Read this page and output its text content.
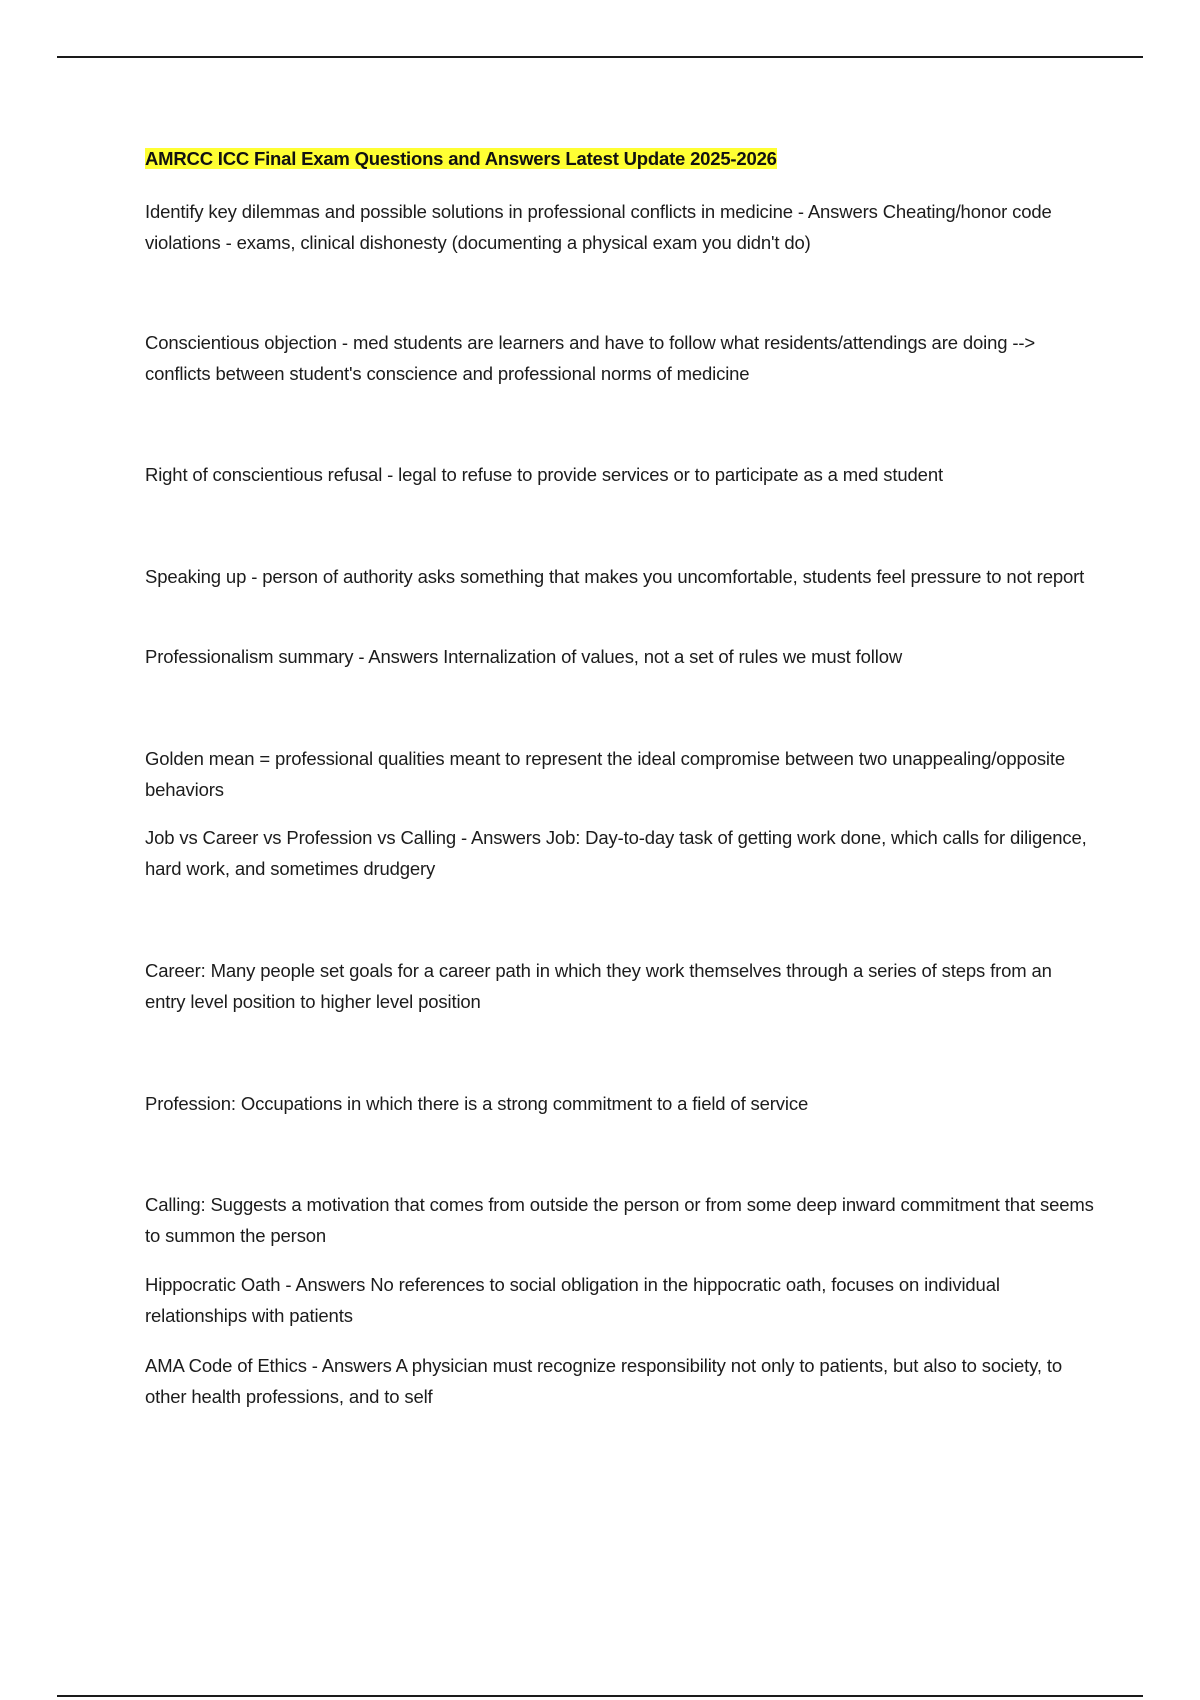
AMRCC ICC Final Exam Questions and Answers Latest Update 2025-2026

Identify key dilemmas and possible solutions in professional conflicts in medicine - Answers Cheating/honor code violations - exams, clinical dishonesty (documenting a physical exam you didn't do)

Conscientious objection - med students are learners and have to follow what residents/attendings are doing --> conflicts between student's conscience and professional norms of medicine

Right of conscientious refusal - legal to refuse to provide services or to participate as a med student

Speaking up - person of authority asks something that makes you uncomfortable, students feel pressure to not report

Professionalism summary - Answers Internalization of values, not a set of rules we must follow

Golden mean = professional qualities meant to represent the ideal compromise between two unappealing/opposite behaviors

Job vs Career vs Profession vs Calling - Answers Job: Day-to-day task of getting work done, which calls for diligence, hard work, and sometimes drudgery

Career: Many people set goals for a career path in which they work themselves through a series of steps from an entry level position to higher level position

Profession: Occupations in which there is a strong commitment to a field of service

Calling: Suggests a motivation that comes from outside the person or from some deep inward commitment that seems to summon the person

Hippocratic Oath - Answers No references to social obligation in the hippocratic oath, focuses on individual relationships with patients

AMA Code of Ethics - Answers A physician must recognize responsibility not only to patients, but also to society, to other health professions, and to self
